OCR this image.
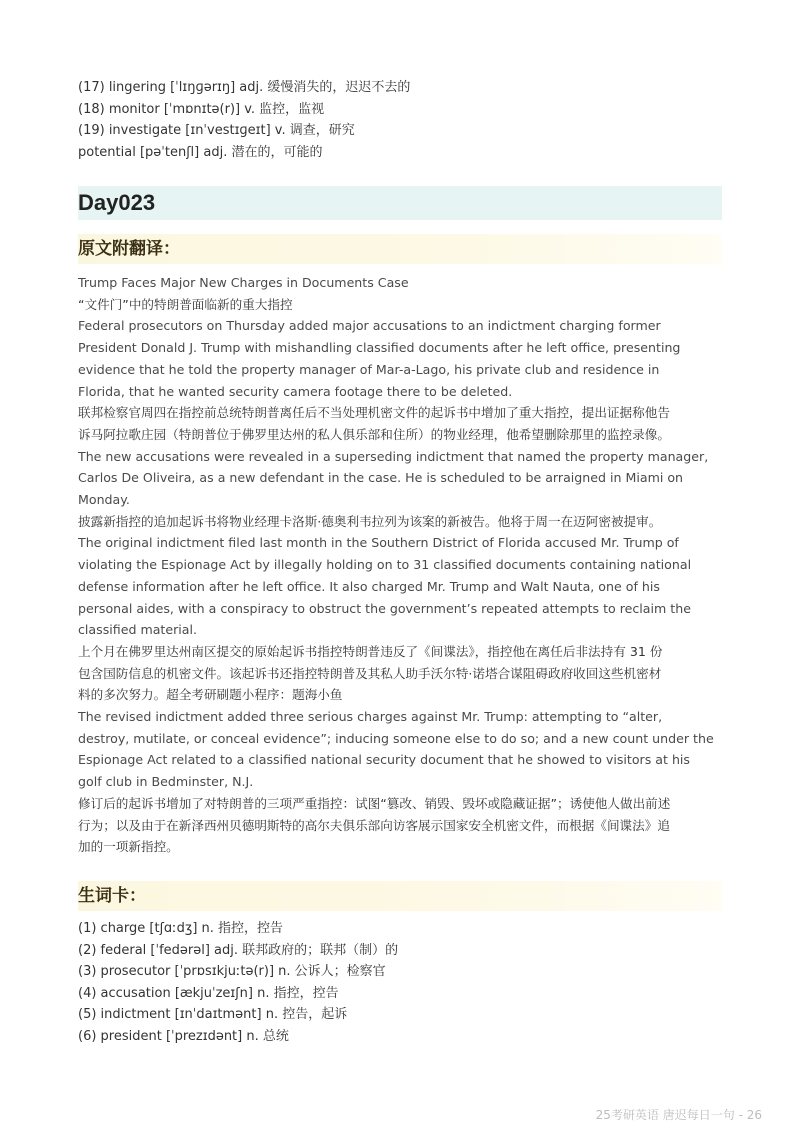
(17) lingering [ˈlɪŋɡərɪŋ] adj. 缓慢消失的，迟迟不去的
(18) monitor [ˈmɒnɪtə(r)] v. 监控，监视
(19) investigate [ɪnˈvestɪɡeɪt] v. 调查，研究
potential [pəˈtenʃl] adj. 潜在的，可能的
Day023
原文附翻译：
Trump Faces Major New Charges in Documents Case
“文件门”中的特朗普面临新的重大指控
Federal prosecutors on Thursday added major accusations to an indictment charging former
President Donald J. Trump with mishandling classified documents after he left office, presenting
evidence that he told the property manager of Mar-a-Lago, his private club and residence in
Florida, that he wanted security camera footage there to be deleted.
联邦检察官周四在指控前总统特朗普离任后不当处理机密文件的起诉书中增加了重大指控，提出证据称他告
诉马阿拉歌庄园（特朗普位于佛罗里达州的私人俱乐部和住所）的物业经理，他希望删除那里的监控录像。
The new accusations were revealed in a superseding indictment that named the property manager,
Carlos De Oliveira, as a new defendant in the case. He is scheduled to be arraigned in Miami on
Monday.
披露新指控的追加起诉书将物业经理卡洛斯·德奥利韦拉列为该案的新被告。他将于周一在迈阿密被提审。
The original indictment filed last month in the Southern District of Florida accused Mr. Trump of
violating the Espionage Act by illegally holding on to 31 classified documents containing national
defense information after he left office. It also charged Mr. Trump and Walt Nauta, one of his
personal aides, with a conspiracy to obstruct the government’s repeated attempts to reclaim the
classified material.
上个月在佛罗里达州南区提交的原始起诉书指控特朗普违反了《间谍法》，指控他在离任后非法持有 31 份
包含国防信息的机密文件。该起诉书还指控特朗普及其私人助手沃尔特·诺塔合谋阻碍政府收回这些机密材
料的多次努力。超全考研刷题小程序：题海小鱼
The revised indictment added three serious charges against Mr. Trump: attempting to “alter,
destroy, mutilate, or conceal evidence”; inducing someone else to do so; and a new count under the
Espionage Act related to a classified national security document that he showed to visitors at his
golf club in Bedminster, N.J.
修订后的起诉书增加了对特朗普的三项严重指控：试图“篡改、销毁、毁坏或隐藏证据”；诱使他人做出前述
行为；以及由于在新泽西州贝德明斯特的高尔夫俱乐部向访客展示国家安全机密文件，而根据《间谍法》追
加的一项新指控。
生词卡：
(1) charge [tʃɑːdʒ] n. 指控，控告
(2) federal [ˈfedərəl] adj. 联邦政府的；联邦（制）的
(3) prosecutor [ˈprɒsɪkjuːtə(r)] n. 公诉人；检察官
(4) accusation [ækjuˈzeɪʃn] n. 指控，控告
(5) indictment [ɪnˈdaɪtmənt] n. 控告，起诉
(6) president [ˈprezɪdənt] n. 总统
25考研英语 唐迟每日一句 - 26
